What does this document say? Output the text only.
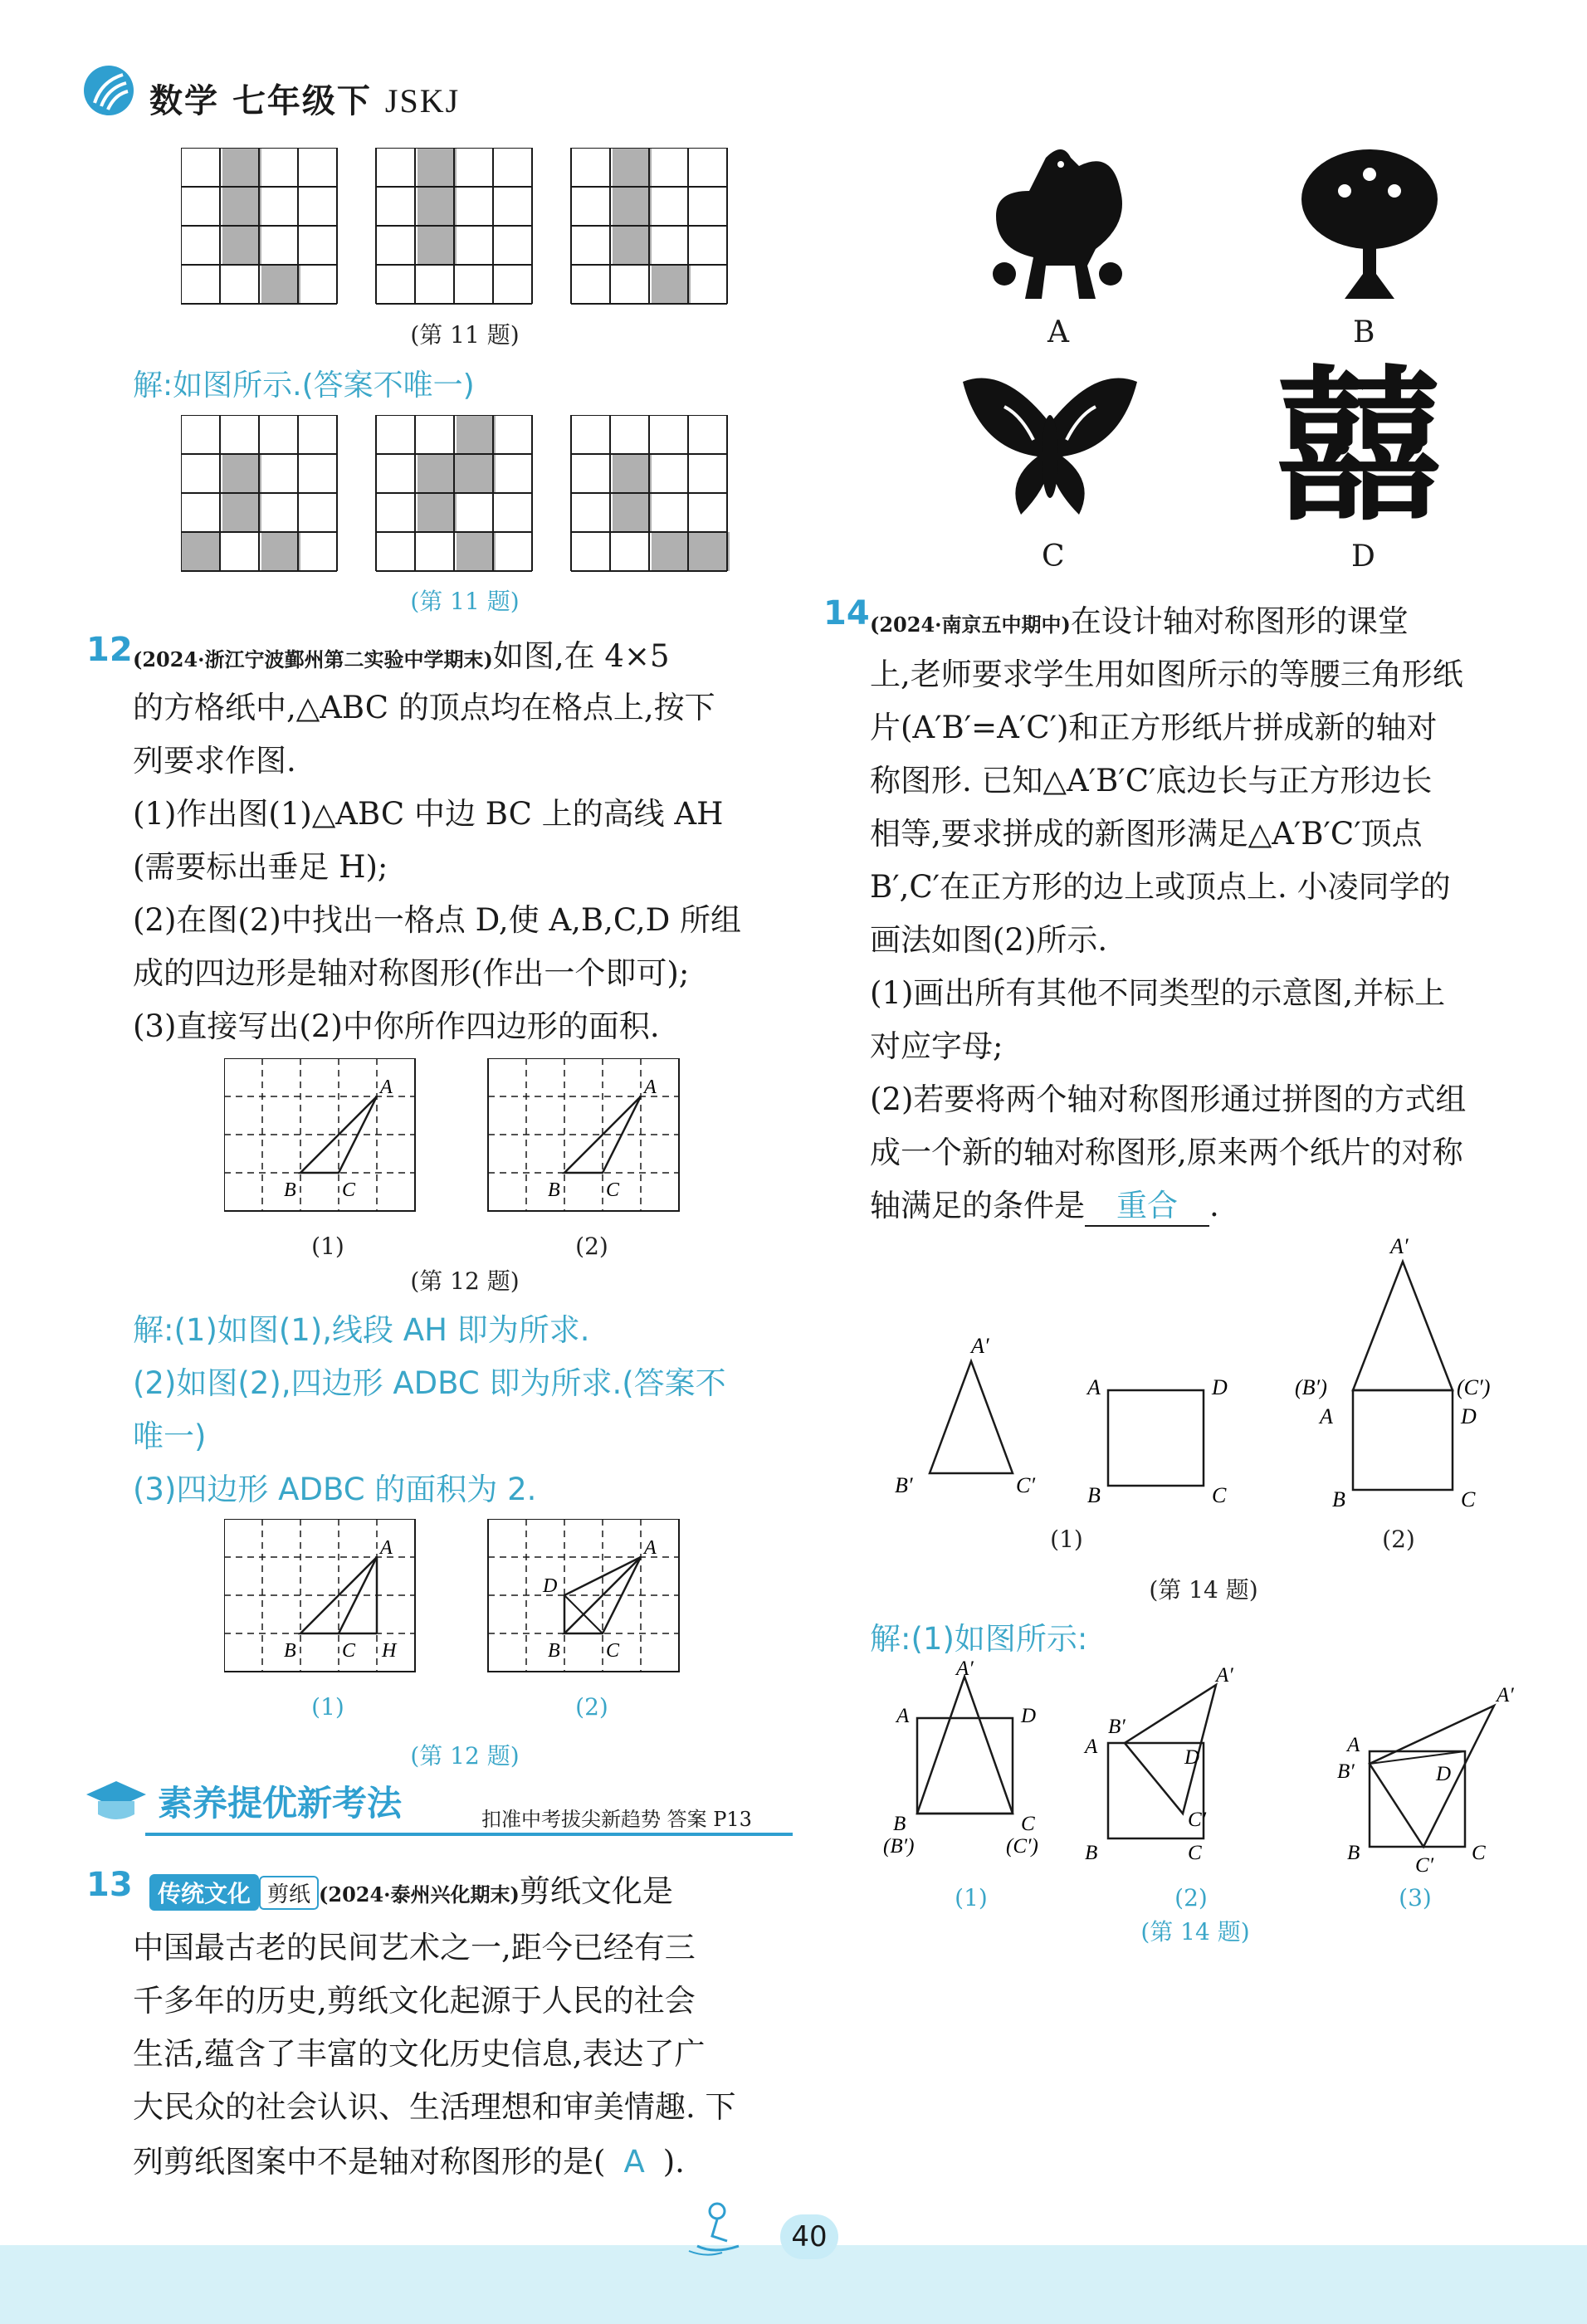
数学 七年级下 JSKJ
(第 11 题)
解:如图所示.(答案不唯一)
(第 11 题)
12 (2024·浙江宁波鄞州第二实验中学期末)如图,在 4×5
的方格纸中,△ABC 的顶点均在格点上,按下
列要求作图.
(1)作出图(1)△ABC 中边 BC 上的高线 AH
(需要标出垂足 H);
(2)在图(2)中找出一格点 D,使 A,B,C,D 所组
成的四边形是轴对称图形(作出一个即可);
(3)直接写出(2)中你所作四边形的面积.
A
B C
A
B C
(1)	(2)
(第 12 题)
解:(1)如图(1),线段 AH 即为所求.
(2)如图(2),四边形 ADBC 即为所求.(答案不
唯一)
(3)四边形 ADBC 的面积为 2.
A
B C H
A
D
B C
(1)	(2)
(第 12 题)
素养提优新考法	扣准中考拔尖新趋势 答案 P13
13	传统文化 剪纸 (2024·泰州兴化期末)剪纸文化是
中国最古老的民间艺术之一,距今已经有三
千多年的历史,剪纸文化起源于人民的社会
生活,蕴含了丰富的文化历史信息,表达了广
大民众的社会认识、生活理想和审美情趣. 下
列剪纸图案中不是轴对称图形的是( A ).
A	B
C
囍
D
14 (2024·南京五中期中)在设计轴对称图形的课堂
上,老师要求学生用如图所示的等腰三角形纸
片(A′B′=A′C′)和正方形纸片拼成新的轴对
称图形. 已知△A′B′C′底边长与正方形边长
相等,要求拼成的新图形满足△A′B′C′顶点
B′,C′在正方形的边上或顶点上. 小凌同学的
画法如图(2)所示.
(1)画出所有其他不同类型的示意图,并标上
对应字母;
(2)若要将两个轴对称图形通过拼图的方式组
成一个新的轴对称图形,原来两个纸片的对称
轴满足的条件是 重合 .
A′
B′	C′
A	D
B	C
A′
(B′)	(C′)
A	D
B	C
(1)	(2)
(第 14 题)
解:(1)如图所示:
A′
A	D
B	C
(B′)	(C′)
A′
B′
A	D
C′
B	C
A′
A
B′	D
B
C′
C
(1)	(2)	(3)
(第 14 题)
40
